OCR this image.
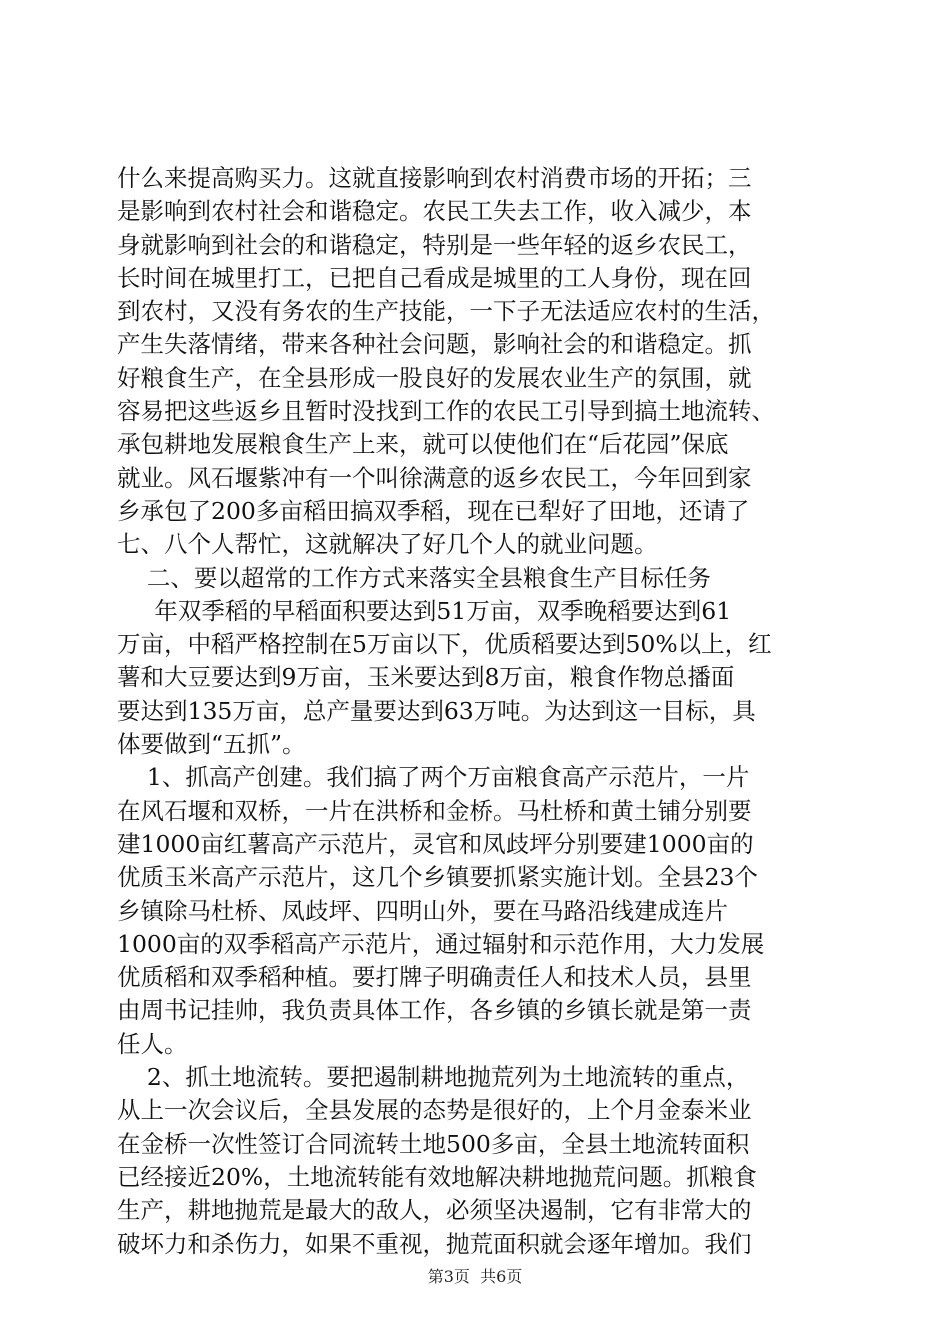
什么来提高购买力。这就直接影响到农村消费市场的开拓；三
是影响到农村社会和谐稳定。农民工失去工作，收入减少，本
身就影响到社会的和谐稳定，特别是一些年轻的返乡农民工，
长时间在城里打工，已把自己看成是城里的工人身份，现在回
到农村，又没有务农的生产技能，一下子无法适应农村的生活，
产生失落情绪，带来各种社会问题，影响社会的和谐稳定。抓
好粮食生产，在全县形成一股良好的发展农业生产的氛围，就
容易把这些返乡且暂时没找到工作的农民工引导到搞土地流转、
承包耕地发展粮食生产上来，就可以使他们在“后花园”保底
就业。风石堰紫冲有一个叫徐满意的返乡农民工，今年回到家
乡承包了200多亩稻田搞双季稻，现在已犁好了田地，还请了
七、八个人帮忙，这就解决了好几个人的就业问题。
二、要以超常的工作方式来落实全县粮食生产目标任务
年双季稻的早稻面积要达到51万亩，双季晚稻要达到61
万亩，中稻严格控制在5万亩以下，优质稻要达到50%以上，红
薯和大豆要达到9万亩，玉米要达到8万亩，粮食作物总播面
要达到135万亩，总产量要达到63万吨。为达到这一目标，具
体要做到“五抓”。
1、抓高产创建。我们搞了两个万亩粮食高产示范片，一片
在风石堰和双桥，一片在洪桥和金桥。马杜桥和黄土铺分别要
建1000亩红薯高产示范片，灵官和凤歧坪分别要建1000亩的
优质玉米高产示范片，这几个乡镇要抓紧实施计划。全县23个
乡镇除马杜桥、凤歧坪、四明山外，要在马路沿线建成连片
1000亩的双季稻高产示范片，通过辐射和示范作用，大力发展
优质稻和双季稻种植。要打牌子明确责任人和技术人员，县里
由周书记挂帅，我负责具体工作，各乡镇的乡镇长就是第一责
任人。
2、抓土地流转。要把遏制耕地抛荒列为土地流转的重点，
从上一次会议后，全县发展的态势是很好的，上个月金泰米业
在金桥一次性签订合同流转土地500多亩，全县土地流转面积
已经接近20%，土地流转能有效地解决耕地抛荒问题。抓粮食
生产，耕地抛荒是最大的敌人，必须坚决遏制，它有非常大的
破坏力和杀伤力，如果不重视，抛荒面积就会逐年增加。我们
第3页  共6页
